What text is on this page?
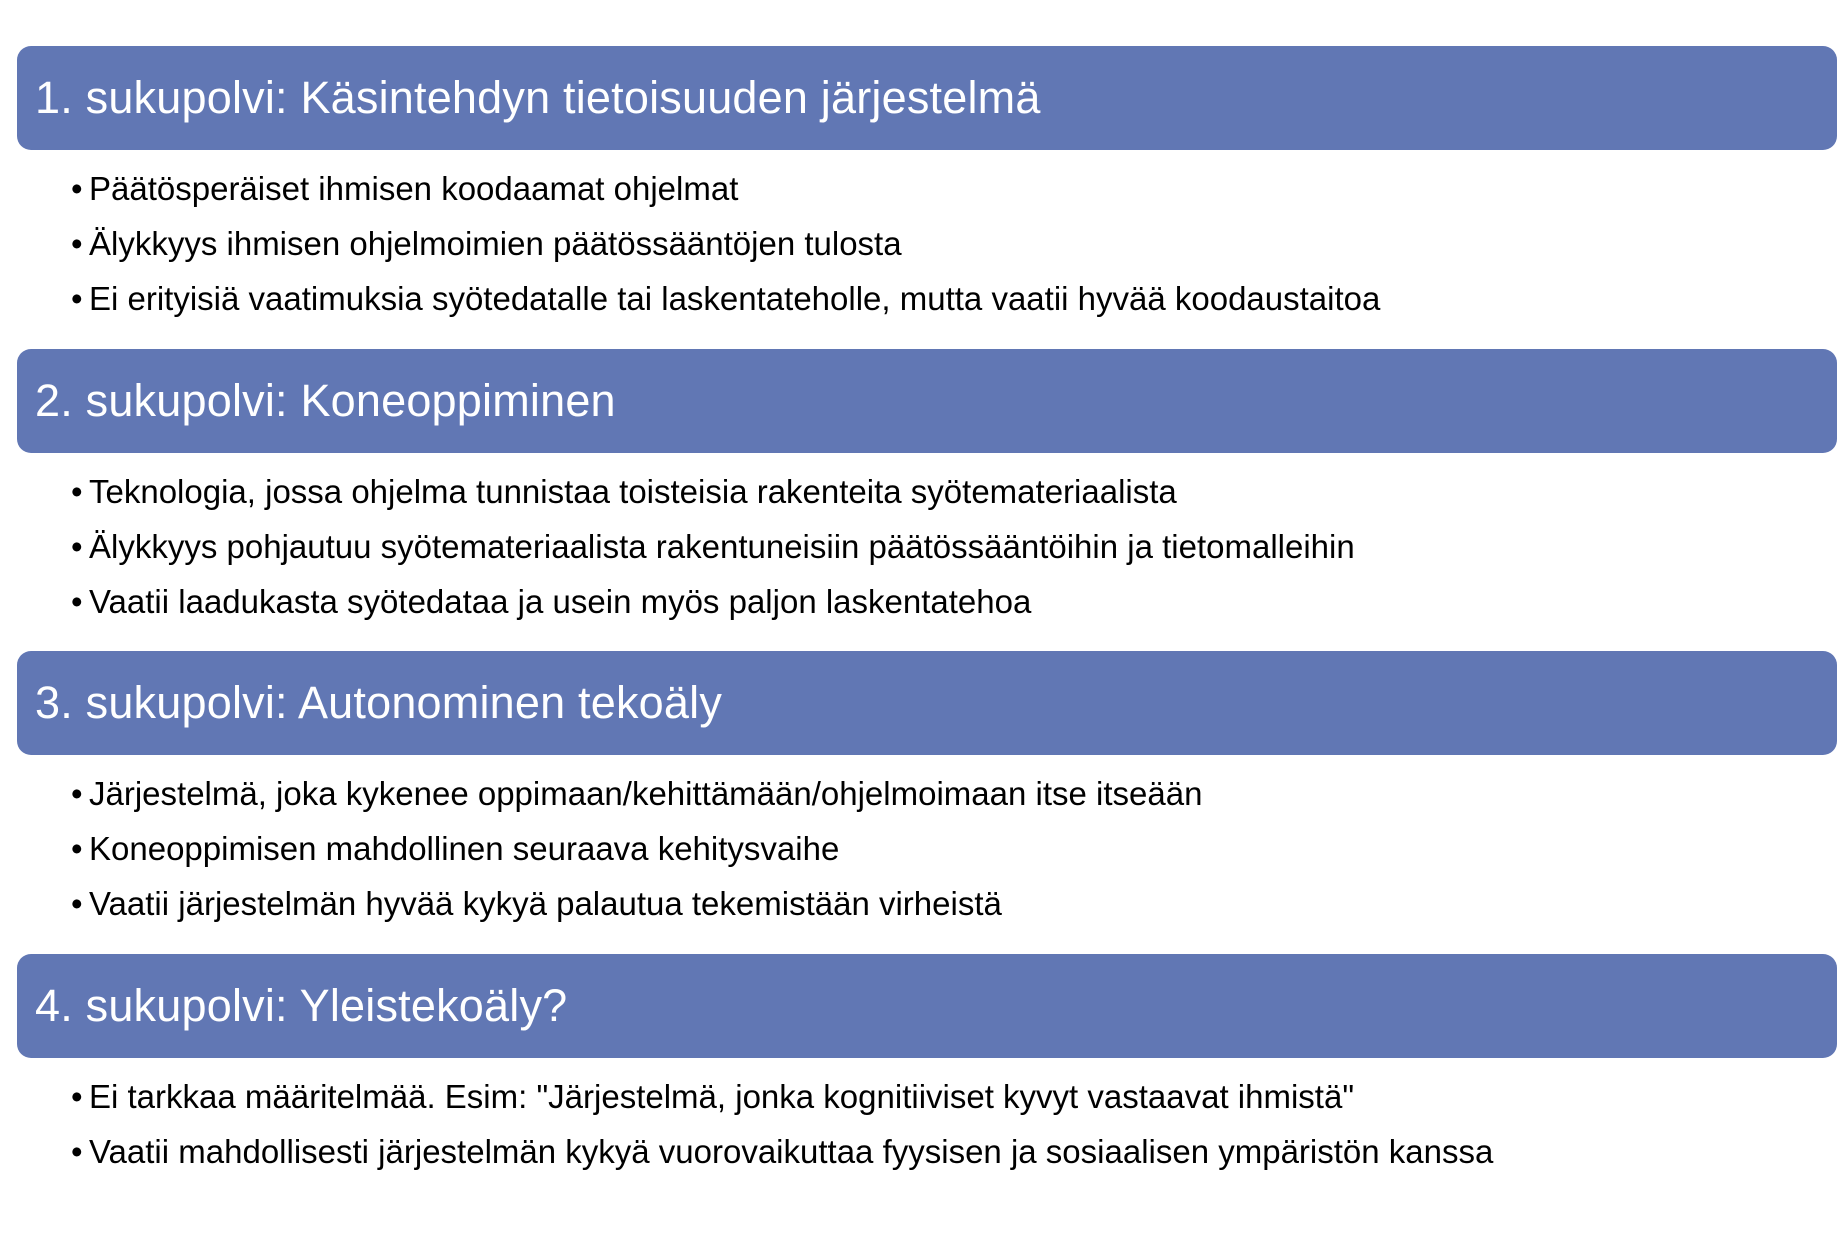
1. sukupolvi: Käsintehdyn tietoisuuden järjestelmä
• Päätösperäiset ihmisen koodaamat ohjelmat
• Älykkyys ihmisen ohjelmoimien päätössääntöjen tulosta
• Ei erityisiä vaatimuksia syötedatalle tai laskentateholle, mutta vaatii hyvää koodaustaitoa
2. sukupolvi: Koneoppiminen
• Teknologia, jossa ohjelma tunnistaa toisteisia rakenteita syötemateriaalista
• Älykkyys pohjautuu syötemateriaalista rakentuneisiin päätössääntöihin ja tietomalleihin
• Vaatii laadukasta syötedataa ja usein myös paljon laskentatehoa
3. sukupolvi: Autonominen tekoäly
• Järjestelmä, joka kykenee oppimaan/kehittämään/ohjelmoimaan itse itseään
• Koneoppimisen mahdollinen seuraava kehitysvaihe
• Vaatii järjestelmän hyvää kykyä palautua tekemistään virheistä
4. sukupolvi: Yleistekoäly?
• Ei tarkkaa määritelmää. Esim: "Järjestelmä, jonka kognitiiviset kyvyt vastaavat ihmistä"
• Vaatii mahdollisesti järjestelmän kykyä vuorovaikuttaa fyysisen ja sosiaalisen ympäristön kanssa
